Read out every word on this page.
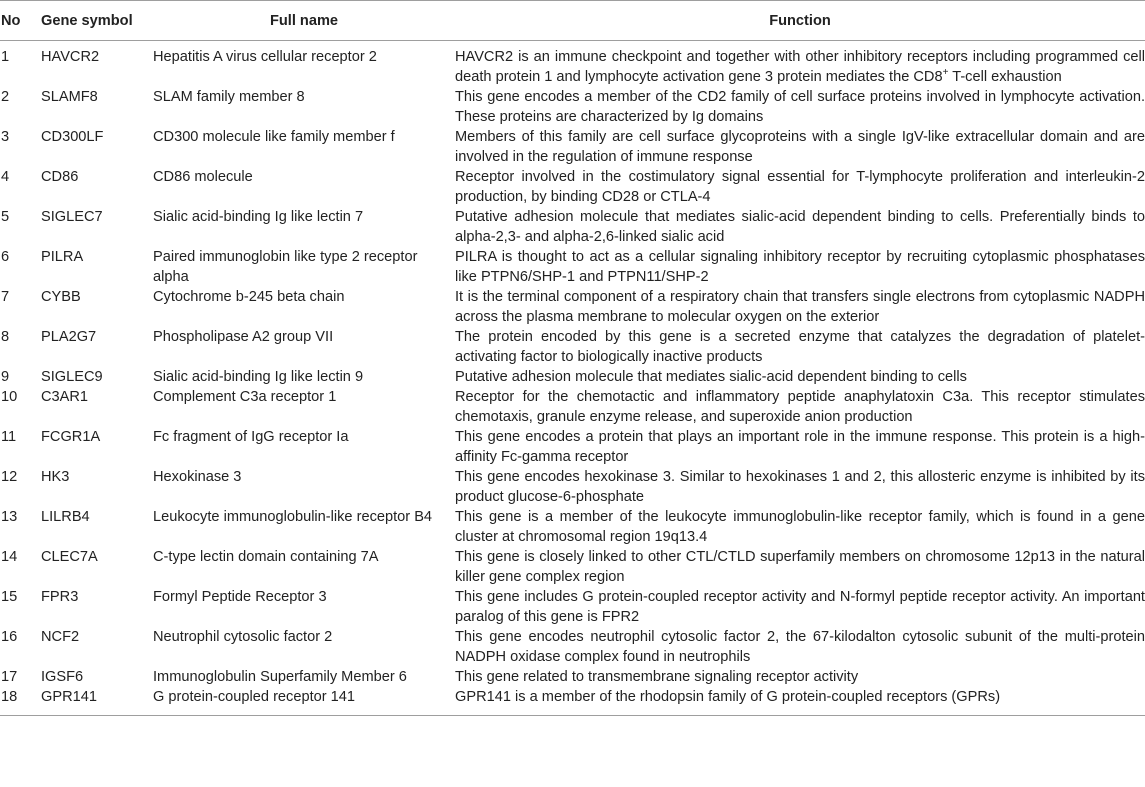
No	Gene symbol	Full name	Function
1	HAVCR2	Hepatitis A virus cellular receptor 2	HAVCR2 is an immune checkpoint and together with other inhibitory receptors including programmed cell death protein 1 and lymphocyte activation gene 3 protein mediates the CD8+ T-cell exhaustion
2	SLAMF8	SLAM family member 8	This gene encodes a member of the CD2 family of cell surface proteins involved in lymphocyte activation. These proteins are characterized by Ig domains
3	CD300LF	CD300 molecule like family member f	Members of this family are cell surface glycoproteins with a single IgV-like extracellular domain and are involved in the regulation of immune response
4	CD86	CD86 molecule	Receptor involved in the costimulatory signal essential for T-lymphocyte proliferation and interleukin-2 production, by binding CD28 or CTLA-4
5	SIGLEC7	Sialic acid-binding Ig like lectin 7	Putative adhesion molecule that mediates sialic-acid dependent binding to cells. Preferentially binds to alpha-2,3- and alpha-2,6-linked sialic acid
6	PILRA	Paired immunoglobin like type 2 receptor alpha	PILRA is thought to act as a cellular signaling inhibitory receptor by recruiting cytoplasmic phosphatases like PTPN6/SHP-1 and PTPN11/SHP-2
7	CYBB	Cytochrome b-245 beta chain	It is the terminal component of a respiratory chain that transfers single electrons from cytoplasmic NADPH across the plasma membrane to molecular oxygen on the exterior
8	PLA2G7	Phospholipase A2 group VII	The protein encoded by this gene is a secreted enzyme that catalyzes the degradation of platelet-activating factor to biologically inactive products
9	SIGLEC9	Sialic acid-binding Ig like lectin 9	Putative adhesion molecule that mediates sialic-acid dependent binding to cells
10	C3AR1	Complement C3a receptor 1	Receptor for the chemotactic and inflammatory peptide anaphylatoxin C3a. This receptor stimulates chemotaxis, granule enzyme release, and superoxide anion production
11	FCGR1A	Fc fragment of IgG receptor Ia	This gene encodes a protein that plays an important role in the immune response. This protein is a high-affinity Fc-gamma receptor
12	HK3	Hexokinase 3	This gene encodes hexokinase 3. Similar to hexokinases 1 and 2, this allosteric enzyme is inhibited by its product glucose-6-phosphate
13	LILRB4	Leukocyte immunoglobulin-like receptor B4	This gene is a member of the leukocyte immunoglobulin-like receptor family, which is found in a gene cluster at chromosomal region 19q13.4
14	CLEC7A	C-type lectin domain containing 7A	This gene is closely linked to other CTL/CTLD superfamily members on chromosome 12p13 in the natural killer gene complex region
15	FPR3	Formyl Peptide Receptor 3	This gene includes G protein-coupled receptor activity and N-formyl peptide receptor activity. An important paralog of this gene is FPR2
16	NCF2	Neutrophil cytosolic factor 2	This gene encodes neutrophil cytosolic factor 2, the 67-kilodalton cytosolic subunit of the multi-protein NADPH oxidase complex found in neutrophils
17	IGSF6	Immunoglobulin Superfamily Member 6	This gene related to transmembrane signaling receptor activity
18	GPR141	G protein-coupled receptor 141	GPR141 is a member of the rhodopsin family of G protein-coupled receptors (GPRs)
